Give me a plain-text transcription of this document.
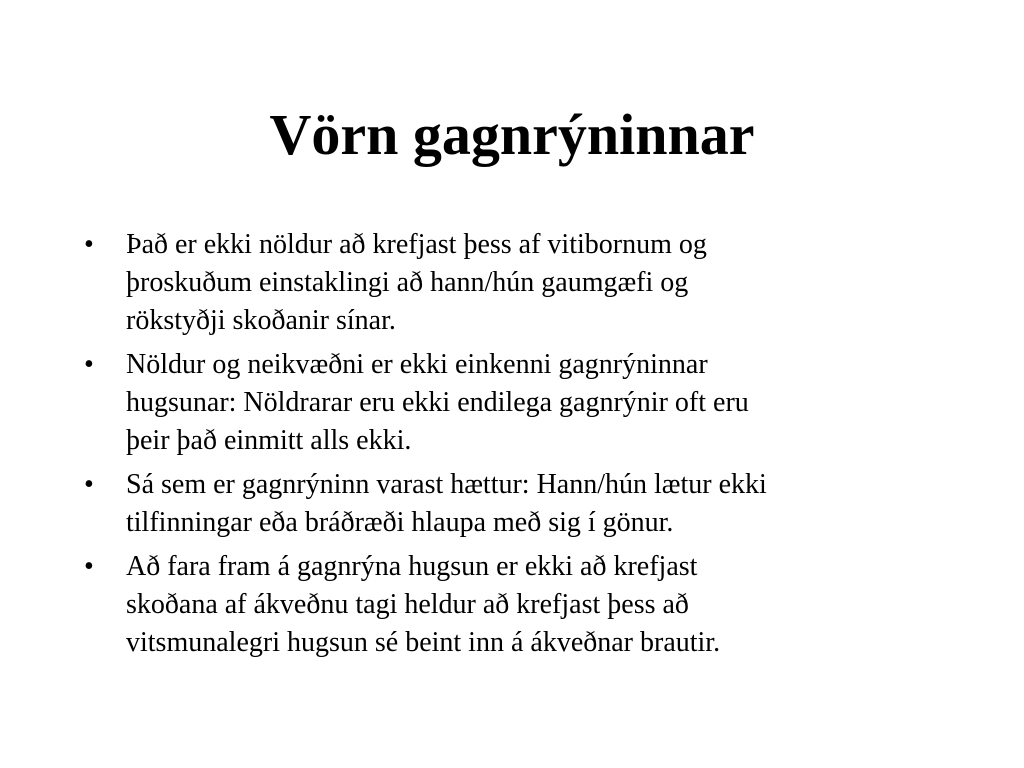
Vörn gagnrýninnar
•	Það er ekki nöldur að krefjast þess af vitibornum og
þroskuðum einstaklingi að hann/hún gaumgæfi og
rökstyðji skoðanir sínar.
•	Nöldur og neikvæðni er ekki einkenni gagnrýninnar
hugsunar: Nöldrarar eru ekki endilega gagnrýnir oft eru
þeir það einmitt alls ekki.
•	Sá sem er gagnrýninn varast hættur: Hann/hún lætur ekki
tilfinningar eða bráðræði hlaupa með sig í gönur.
•	Að fara fram á gagnrýna hugsun er ekki að krefjast
skoðana af ákveðnu tagi heldur að krefjast þess að
vitsmunalegri hugsun sé beint inn á ákveðnar brautir.
